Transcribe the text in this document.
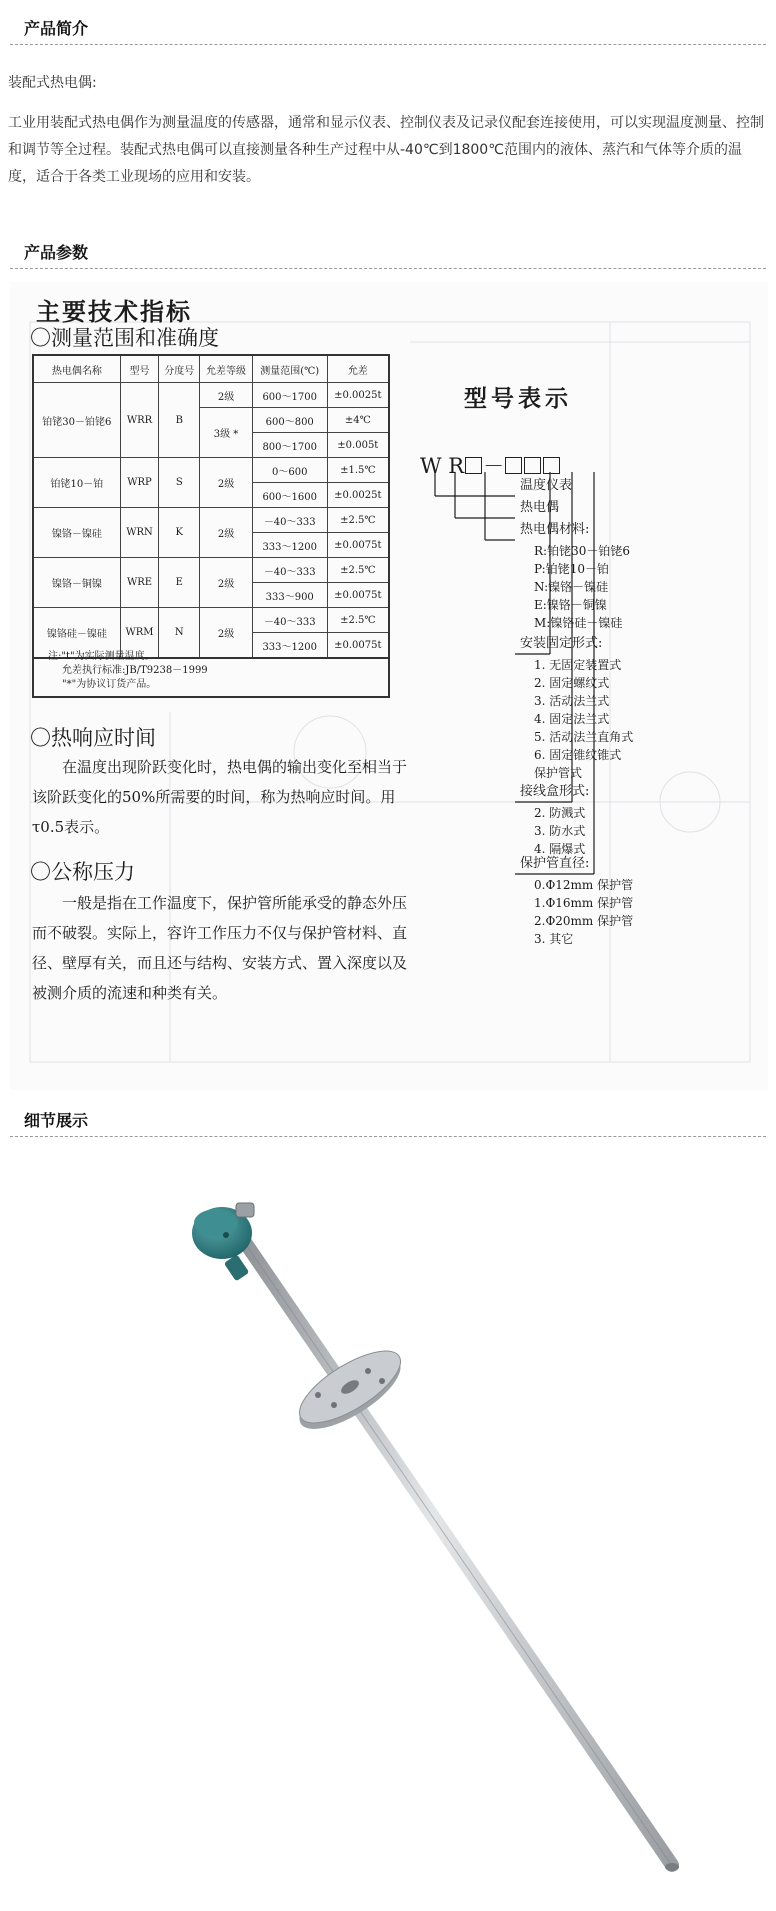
产品简介

装配式热电偶:

工业用装配式热电偶作为测量温度的传感器，通常和显示仪表、控制仪表及记录仪配套连接使用，可以实现温度测量、控制和调节等全过程。装配式热电偶可以直接测量各种生产过程中从-40℃到1800℃范围内的液体、蒸汽和气体等介质的温度，适合于各类工业现场的应用和安装。

产品参数
主要技术指标
〇测量范围和准确度
热电偶名称	型号	分度号	允差等级	测量范围(℃)	允差
铂铑30－铂铑6	WRR	B	2级	600～1700	±0.0025t
			3级 *	600～800	±4℃
				800～1700	±0.005t
铂铑10－铂	WRP	S	2级	0～600	±1.5℃
				600～1600	±0.0025t
镍铬－镍硅	WRN	K	2级	－40～333	±2.5℃
				333～1200	±0.0075t
镍铬－铜镍	WRE	E	2级	－40～333	±2.5℃
				333～900	±0.0075t
镍铬硅－镍硅	WRM	N	2级	－40～333	±2.5℃
				333～1200	±0.0075t
注:"t"为实际测量温度。
允差执行标准:JB/T9238－1999
"*"为协议订货产品。
〇热响应时间
在温度出现阶跃变化时，热电偶的输出变化至相当于该阶跃变化的50%所需要的时间，称为热响应时间。用τ0.5表示。
〇公称压力
一般是指在工作温度下，保护管所能承受的静态外压而不破裂。实际上，容许工作压力不仅与保护管材料、直径、壁厚有关，而且还与结构、安装方式、置入深度以及被测介质的流速和种类有关。
型号表示
W R －
温度仪表
热电偶
热电偶材料:
R:铂铑30－铂铑6
P:铂铑10－铂
N:镍铬－镍硅
E:镍铬－铜镍
M:镍铬硅－镍硅
安装固定形式:
1. 无固定装置式
2. 固定螺纹式
3. 活动法兰式
4. 固定法兰式
5. 活动法兰直角式
6. 固定锥纹锥式
保护管式
接线盒形式:
2. 防溅式
3. 防水式
4. 隔爆式
保护管直径:
0.Φ12mm 保护管
1.Φ16mm 保护管
2.Φ20mm 保护管
3. 其它
细节展示
